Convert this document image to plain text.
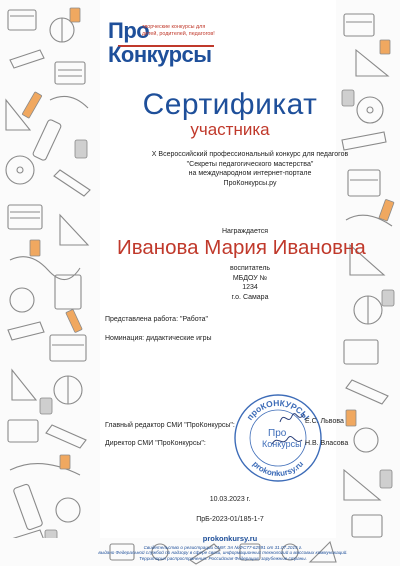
Про
творческие конкурсы для детей, родителей, педагогов!
Конкурсы
Сертификат
участника
X Всероссийский профессиональный конкурс для педагогов
"Секреты педагогического мастерства"
на международном интернет-портале
ПроКонкурсы.ру
Награждается
Иванова Мария Ивановна
воспитатель
МБДОУ № 1234
г.о. Самара
Представлена работа: "Работа"
Номинация: дидактические игры
проКОНКУРСЫ
prokonkursy.ru
Про
Конкурсы
Главный редактор СМИ "ПроКонкурсы":
Е.С. Львова
Директор СМИ "ПроКонкурсы":	Н.В. Власова
10.03.2023 г.
ПрБ-2023-01/185-1-7
prokonkursy.ru
Свидетельство о регистрации СМИ: Эл №ФС77-62591 от 31.07.2015 г.
выдано Федеральной службой по надзору в сфере связи, информационных технологий и массовых коммуникаций.
Территория распространения: Российская Федерация, зарубежные страны.
